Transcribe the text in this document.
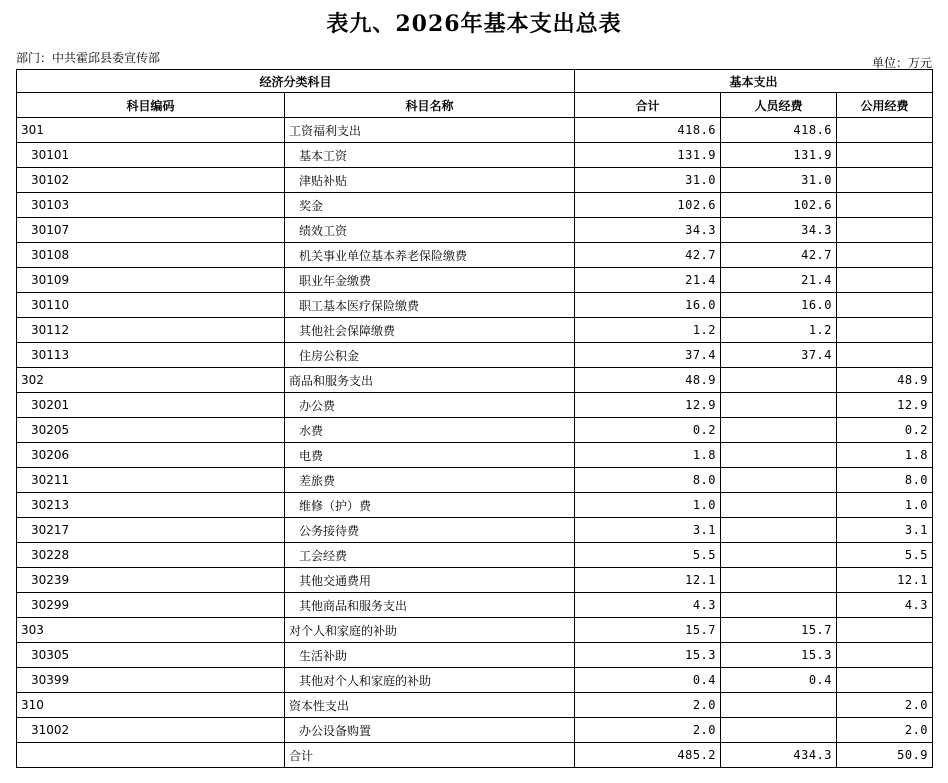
表九、2026年基本支出总表
部门：中共霍邱县委宣传部	单位：万元
经济分类科目		基本支出		
科目编码	科目名称	合计	人员经费	公用经费
301	工资福利支出	418.6	418.6	
30101	基本工资	131.9	131.9	
30102	津贴补贴	31.0	31.0	
30103	奖金	102.6	102.6	
30107	绩效工资	34.3	34.3	
30108	机关事业单位基本养老保险缴费	42.7	42.7	
30109	职业年金缴费	21.4	21.4	
30110	职工基本医疗保险缴费	16.0	16.0	
30112	其他社会保障缴费	1.2	1.2	
30113	住房公积金	37.4	37.4	
302	商品和服务支出	48.9		48.9
30201	办公费	12.9		12.9
30205	水费	0.2		0.2
30206	电费	1.8		1.8
30211	差旅费	8.0		8.0
30213	维修（护）费	1.0		1.0
30217	公务接待费	3.1		3.1
30228	工会经费	5.5		5.5
30239	其他交通费用	12.1		12.1
30299	其他商品和服务支出	4.3		4.3
303	对个人和家庭的补助	15.7	15.7	
30305	生活补助	15.3	15.3	
30399	其他对个人和家庭的补助	0.4	0.4	
310	资本性支出	2.0		2.0
31002	办公设备购置	2.0		2.0
	合计	485.2	434.3	50.9
